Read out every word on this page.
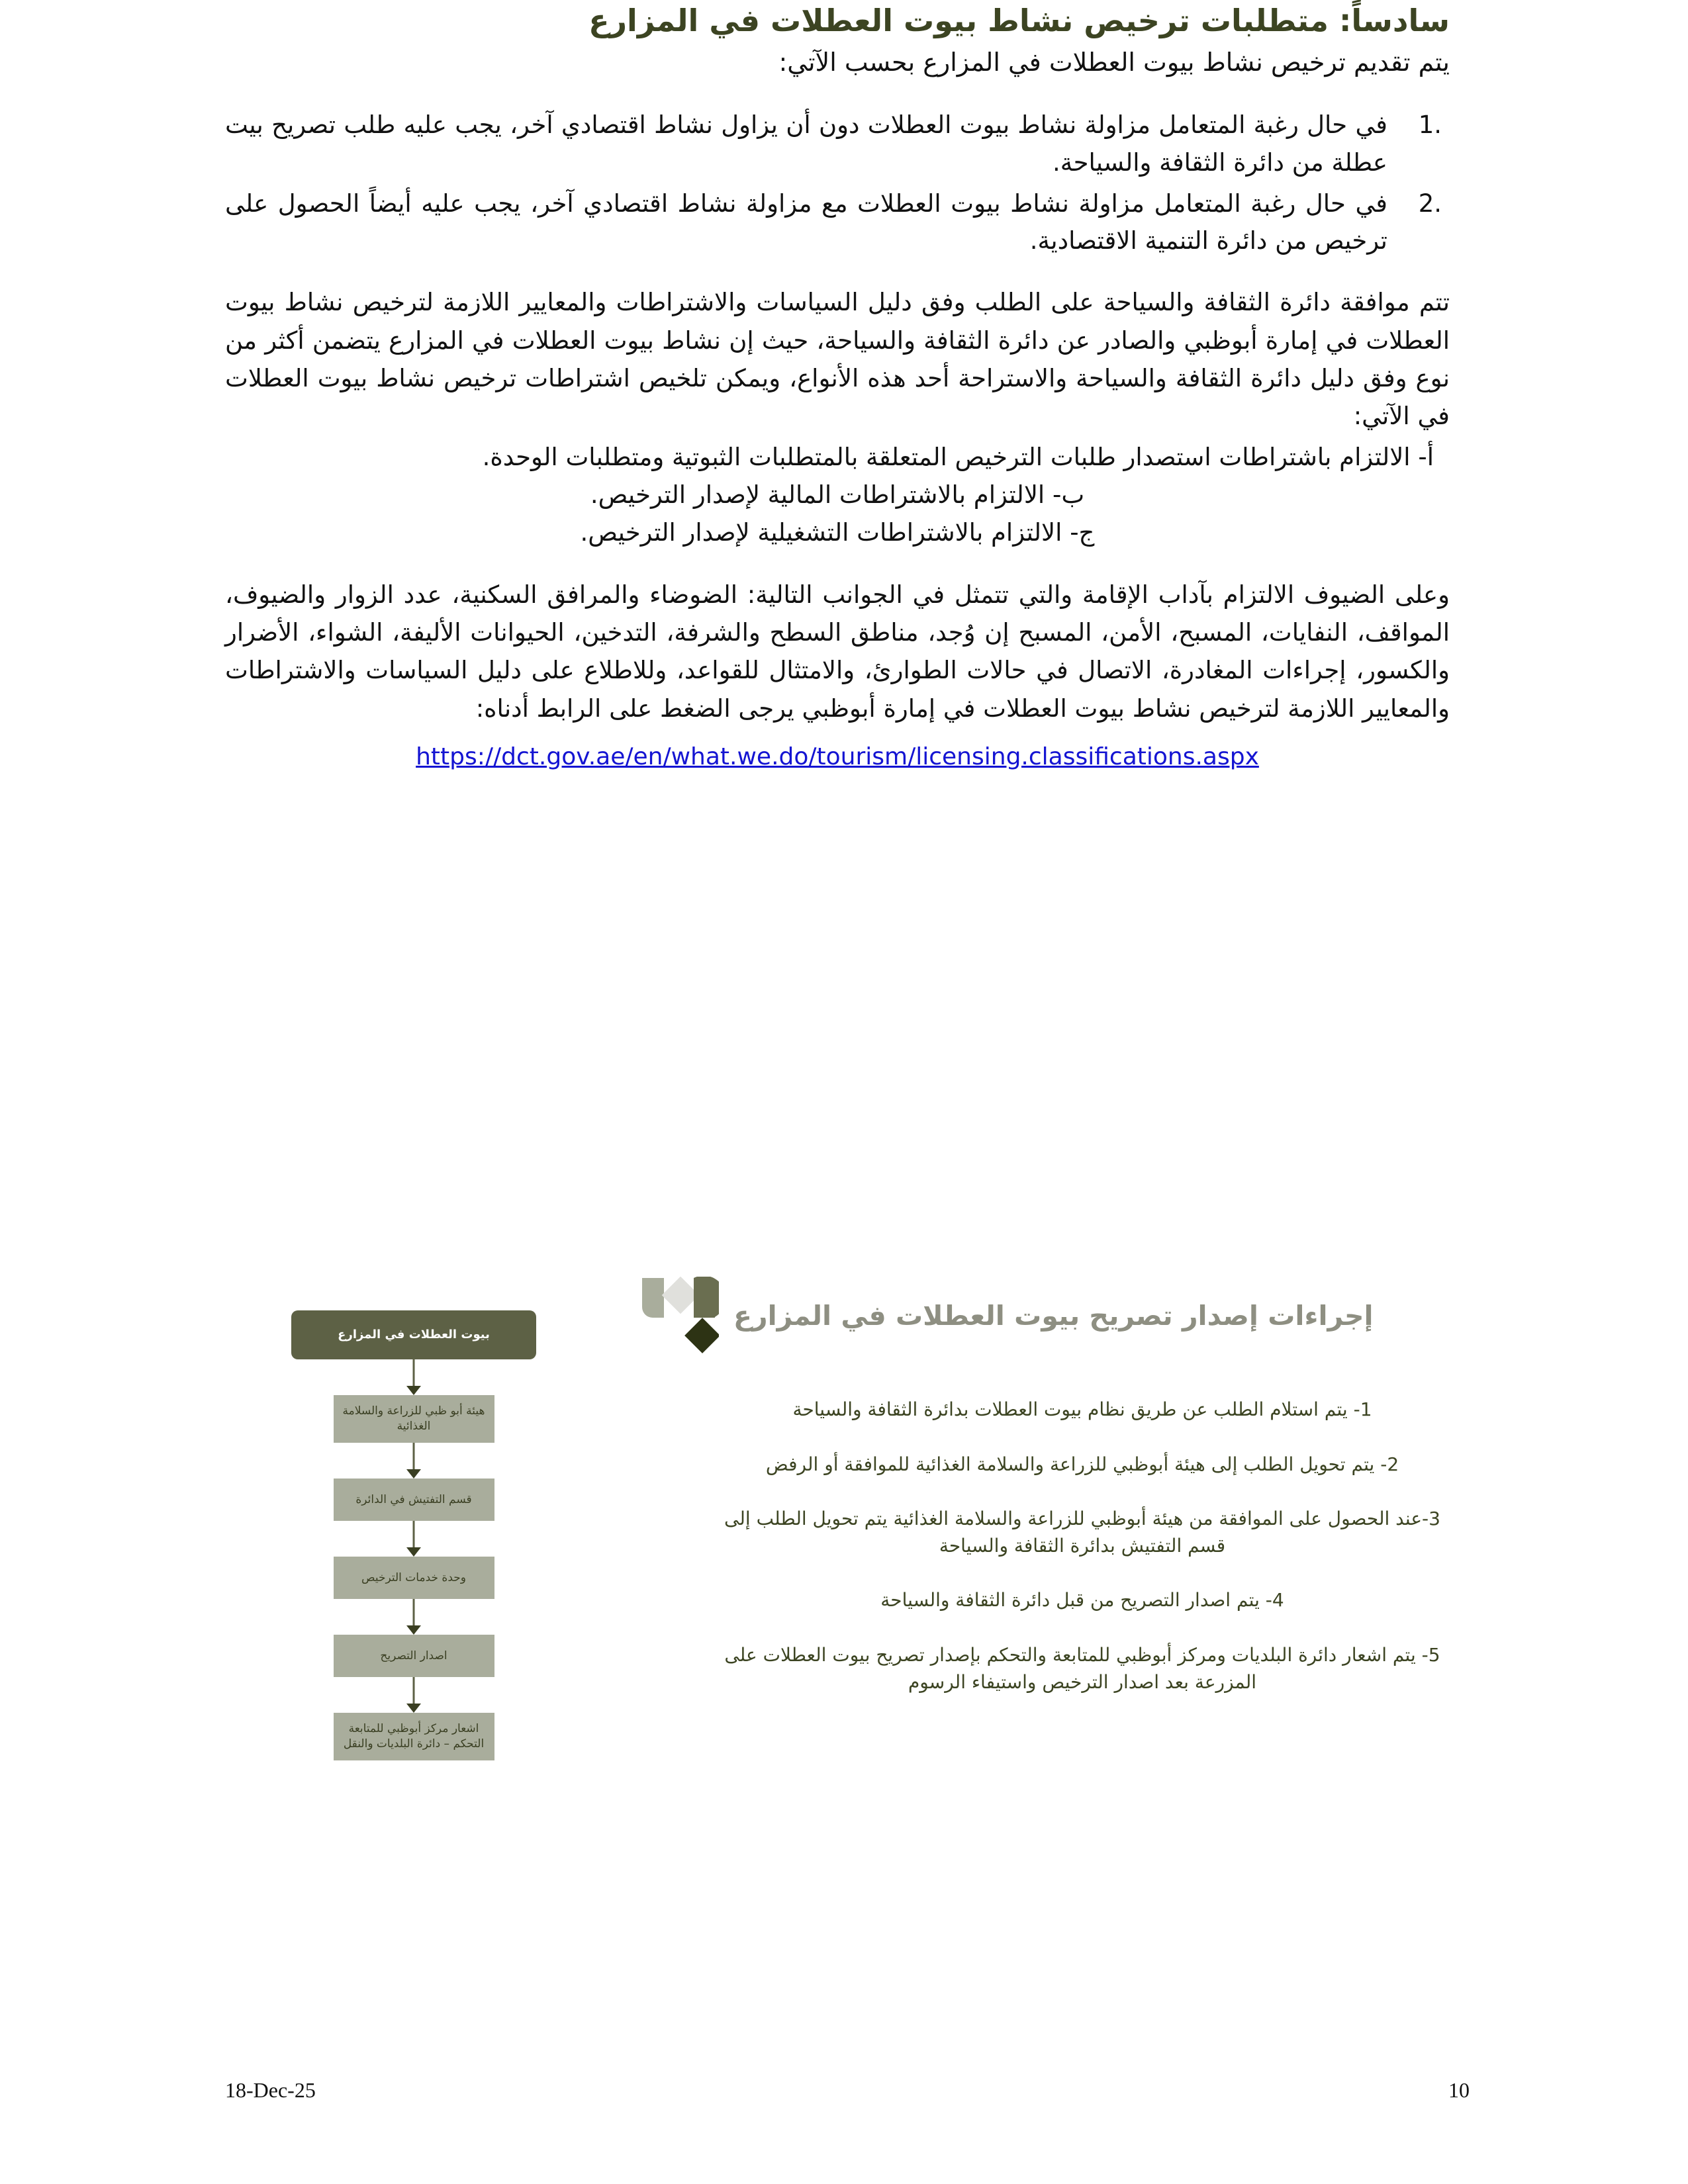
سادساً: متطلبات ترخيص نشاط بيوت العطلات في المزارع
يتم تقديم ترخيص نشاط بيوت العطلات في المزارع بحسب الآتي:
في حال رغبة المتعامل مزاولة نشاط بيوت العطلات دون أن يزاول نشاط اقتصادي آخر، يجب عليه طلب تصريح بيت عطلة من دائرة الثقافة والسياحة.
في حال رغبة المتعامل مزاولة نشاط بيوت العطلات مع مزاولة نشاط اقتصادي آخر، يجب عليه أيضاً الحصول على ترخيص من دائرة التنمية الاقتصادية.

تتم موافقة دائرة الثقافة والسياحة على الطلب وفق دليل السياسات والاشتراطات والمعايير اللازمة لترخيص نشاط بيوت العطلات في إمارة أبوظبي والصادر عن دائرة الثقافة والسياحة، حيث إن نشاط بيوت العطلات في المزارع يتضمن أكثر من نوع وفق دليل دائرة الثقافة والسياحة والاستراحة أحد هذه الأنواع، ويمكن تلخيص اشتراطات ترخيص نشاط بيوت العطلات في الآتي:

أ- الالتزام باشتراطات استصدار طلبات الترخيص المتعلقة بالمتطلبات الثبوتية ومتطلبات الوحدة.
ب- الالتزام بالاشتراطات المالية لإصدار الترخيص.
ج- الالتزام بالاشتراطات التشغيلية لإصدار الترخيص.

وعلى الضيوف الالتزام بآداب الإقامة والتي تتمثل في الجوانب التالية: الضوضاء والمرافق السكنية، عدد الزوار والضيوف، المواقف، النفايات، المسبح، الأمن، المسبح إن وُجد، مناطق السطح والشرفة، التدخين، الحيوانات الأليفة، الشواء، الأضرار والكسور، إجراءات المغادرة، الاتصال في حالات الطوارئ، والامتثال للقواعد، وللاطلاع على دليل السياسات والاشتراطات والمعايير اللازمة لترخيص نشاط بيوت العطلات في إمارة أبوظبي يرجى الضغط على الرابط أدناه:

https://dct.gov.ae/en/what.we.do/tourism/licensing.classifications.aspx
إجراءات إصدار تصريح بيوت العطلات في المزارع
بيوت العطلات في المزارع
هيئة أبو ظبي للزراعة والسلامة الغذائية
قسم التفتيش في الدائرة
وحدة خدمات الترخيص
اصدار التصريح
اشعار مركز أبوظبي للمتابعة التحكم – دائرة البلديات والنقل
1- يتم استلام الطلب عن طريق نظام بيوت العطلات بدائرة الثقافة والسياحة
2- يتم تحويل الطلب إلى هيئة أبوظبي للزراعة والسلامة الغذائية للموافقة أو الرفض
3-عند الحصول على الموافقة من هيئة أبوظبي للزراعة والسلامة الغذائية يتم تحويل الطلب إلى قسم التفتيش بدائرة الثقافة والسياحة
4- يتم اصدار التصريح من قبل دائرة الثقافة والسياحة
5- يتم اشعار دائرة البلديات ومركز أبوظبي للمتابعة والتحكم بإصدار تصريح بيوت العطلات على المزرعة بعد اصدار الترخيص واستيفاء الرسوم
18-Dec-25	10
